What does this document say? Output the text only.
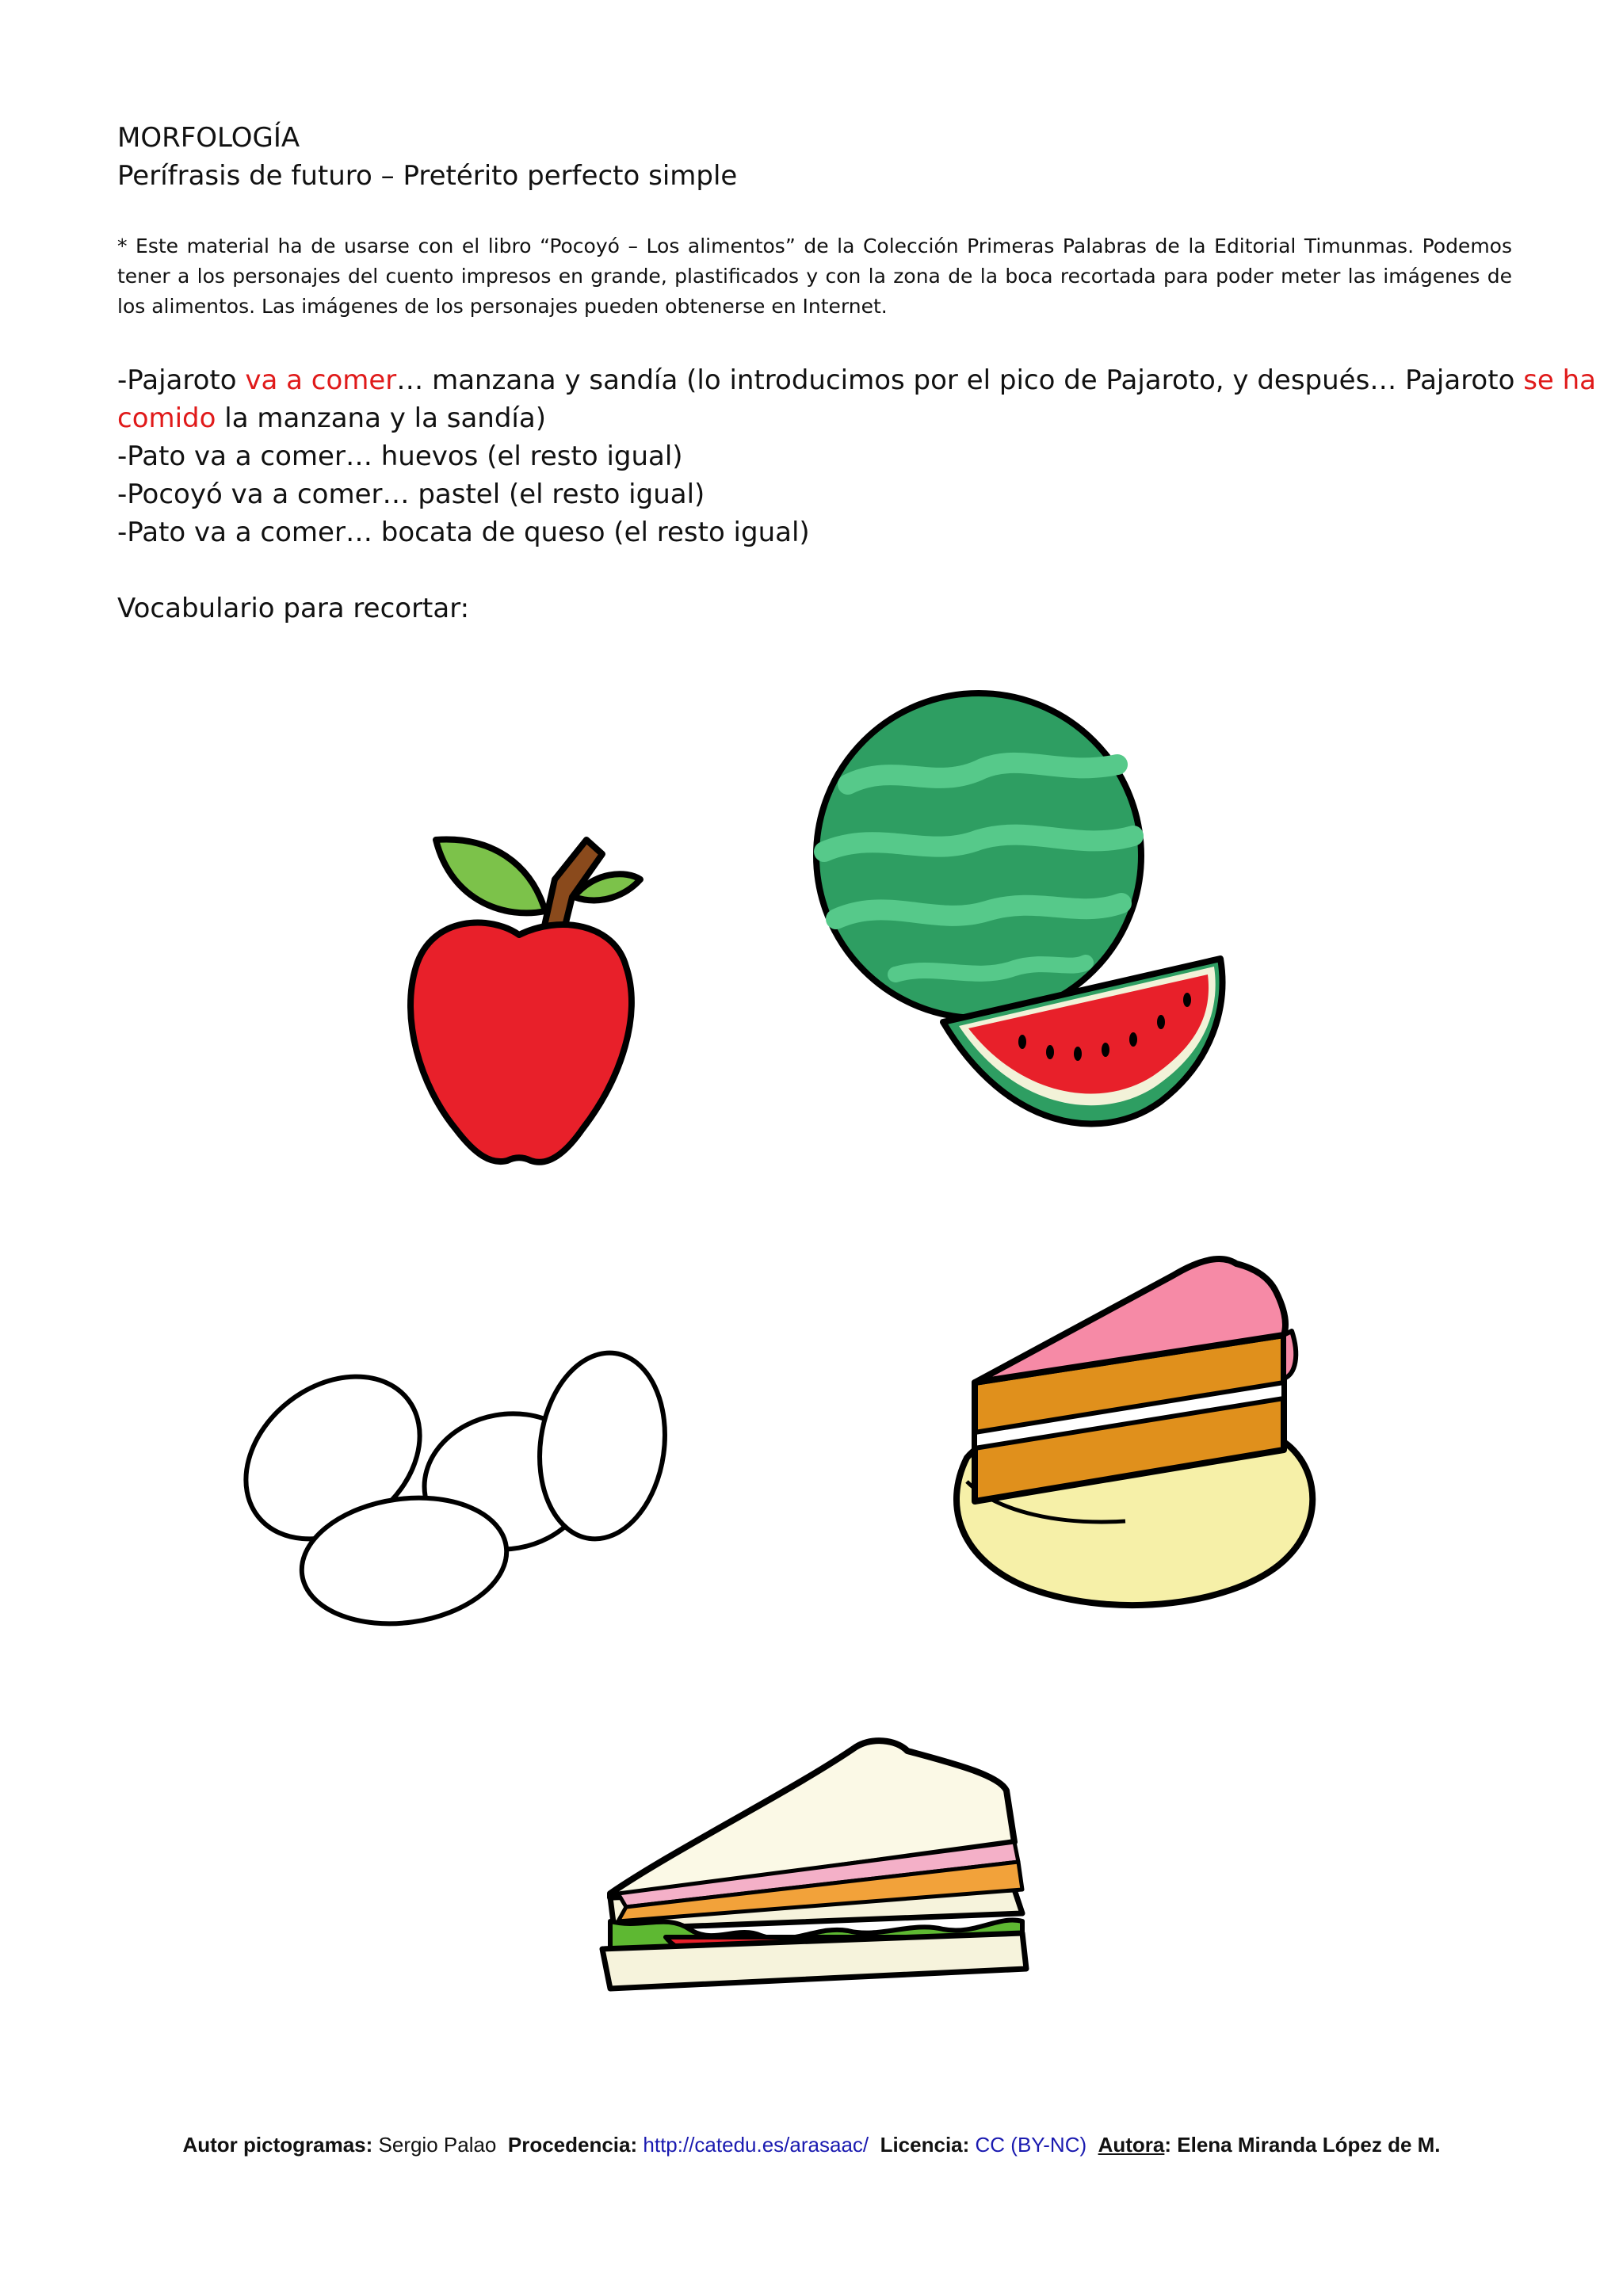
MORFOLOGÍA
Perífrasis de futuro – Pretérito perfecto simple
* Este material ha de usarse con el libro “Pocoyó – Los alimentos” de la Colección Primeras Palabras de la Editorial Timunmas. Podemos tener a los personajes del cuento impresos en grande, plastificados y con la zona de la boca recortada para poder meter las imágenes de los alimentos. Las imágenes de los personajes pueden obtenerse en Internet.
-Pajaroto va a comer… manzana y sandía (lo introducimos por el pico de Pajaroto, y después… Pajaroto se ha
comido la manzana y la sandía)
-Pato va a comer… huevos (el resto igual)
-Pocoyó va a comer… pastel (el resto igual)
-Pato va a comer… bocata de queso (el resto igual)
Vocabulario para recortar:
Autor pictogramas: Sergio Palao Procedencia: http://catedu.es/arasaac/ Licencia: CC (BY-NC) Autora: Elena Miranda López de M.
